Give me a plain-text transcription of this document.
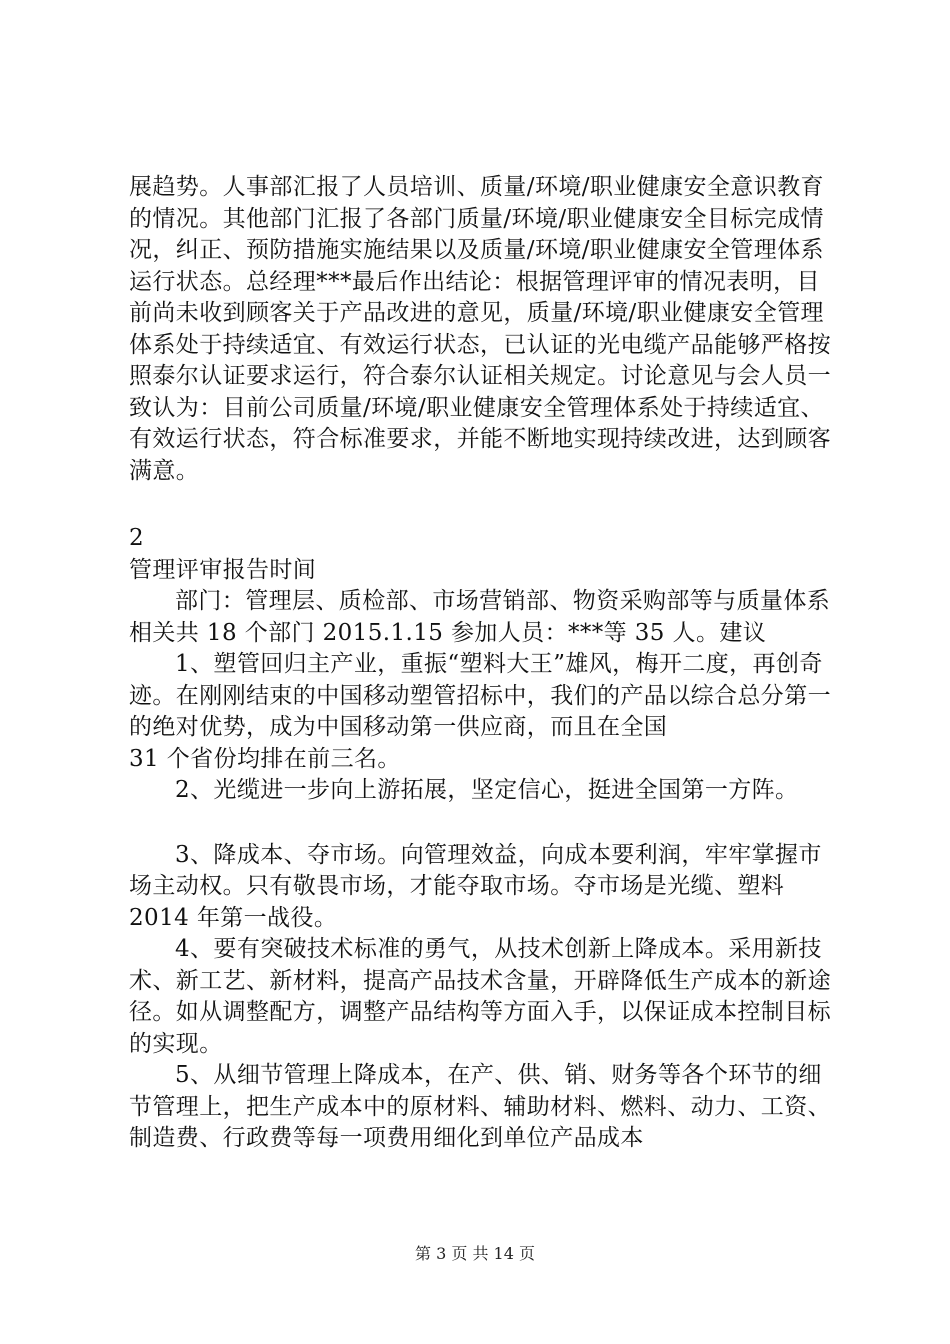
展趋势。人事部汇报了人员培训、质量/环境/职业健康安全意识教育的情况。其他部门汇报了各部门质量/环境/职业健康安全目标完成情况，纠正、预防措施实施结果以及质量/环境/职业健康安全管理体系运行状态。总经理***最后作出结论：根据管理评审的情况表明，目前尚未收到顾客关于产品改进的意见，质量/环境/职业健康安全管理体系处于持续适宜、有效运行状态，已认证的光电缆产品能够严格按照泰尔认证要求运行，符合泰尔认证相关规定。讨论意见与会人员一致认为：目前公司质量/环境/职业健康安全管理体系处于持续适宜、有效运行状态，符合标准要求，并能不断地实现持续改进，达到顾客满意。

2

管理评审报告时间

部门：管理层、质检部、市场营销部、物资采购部等与质量体系相关共 18 个部门 2015.1.15 参加人员：***等 35 人。建议

1、塑管回归主产业，重振“塑料大王”雄风，梅开二度，再创奇迹。在刚刚结束的中国移动塑管招标中，我们的产品以综合总分第一的绝对优势，成为中国移动第一供应商，而且在全国

31 个省份均排在前三名。

2、光缆进一步向上游拓展，坚定信心，挺进全国第一方阵。

3、降成本、夺市场。向管理效益，向成本要利润，牢牢掌握市场主动权。只有敬畏市场，才能夺取市场。夺市场是光缆、塑料 2014 年第一战役。

4、要有突破技术标准的勇气，从技术创新上降成本。采用新技术、新工艺、新材料，提高产品技术含量，开辟降低生产成本的新途径。如从调整配方，调整产品结构等方面入手，以保证成本控制目标的实现。

5、从细节管理上降成本，在产、供、销、财务等各个环节的细节管理上，把生产成本中的原材料、辅助材料、燃料、动力、工资、制造费、行政费等每一项费用细化到单位产品成本

第 3 页 共 14 页
